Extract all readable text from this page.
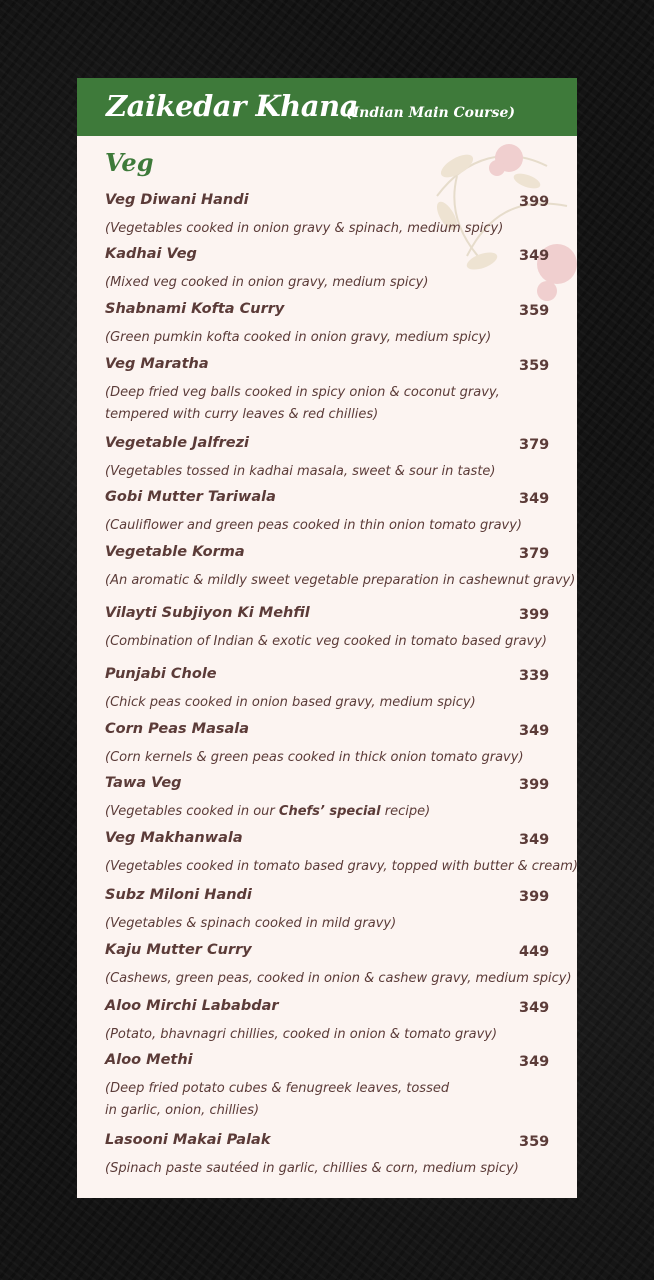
Zaikedar Khana
(Indian Main Course)
Veg
Veg Diwani Handi	399
(Vegetables cooked in onion gravy & spinach, medium spicy)
Kadhai Veg	349
(Mixed veg cooked in onion gravy, medium spicy)
Shabnami Kofta Curry	359
(Green pumkin kofta cooked in onion gravy, medium spicy)
Veg Maratha	359
(Deep fried veg balls cooked in spicy onion & coconut gravy,
tempered with curry leaves & red chillies)
Vegetable Jalfrezi	379
(Vegetables tossed in kadhai masala, sweet & sour in taste)
Gobi Mutter Tariwala	349
(Cauliflower and green peas cooked in thin onion tomato gravy)
Vegetable Korma	379
(An aromatic & mildly sweet vegetable preparation in cashewnut gravy)
Vilayti Subjiyon Ki Mehfil	399
(Combination of Indian & exotic veg cooked in tomato based gravy)
Punjabi Chole	339
(Chick peas cooked in onion based gravy, medium spicy)
Corn Peas Masala	349
(Corn kernels & green peas cooked in thick onion tomato gravy)
Tawa Veg	399
(Vegetables cooked in our Chefs’ special recipe)
Veg Makhanwala	349
(Vegetables cooked in tomato based gravy, topped with butter & cream)
Subz Miloni Handi	399
(Vegetables & spinach cooked in mild gravy)
Kaju Mutter Curry	449
(Cashews, green peas, cooked in onion & cashew gravy, medium spicy)
Aloo Mirchi Lababdar	349
(Potato, bhavnagri chillies, cooked in onion & tomato gravy)
Aloo Methi	349
(Deep fried potato cubes & fenugreek leaves, tossed
in garlic, onion, chillies)
Lasooni Makai Palak	359
(Spinach paste sautéed in garlic, chillies & corn, medium spicy)
